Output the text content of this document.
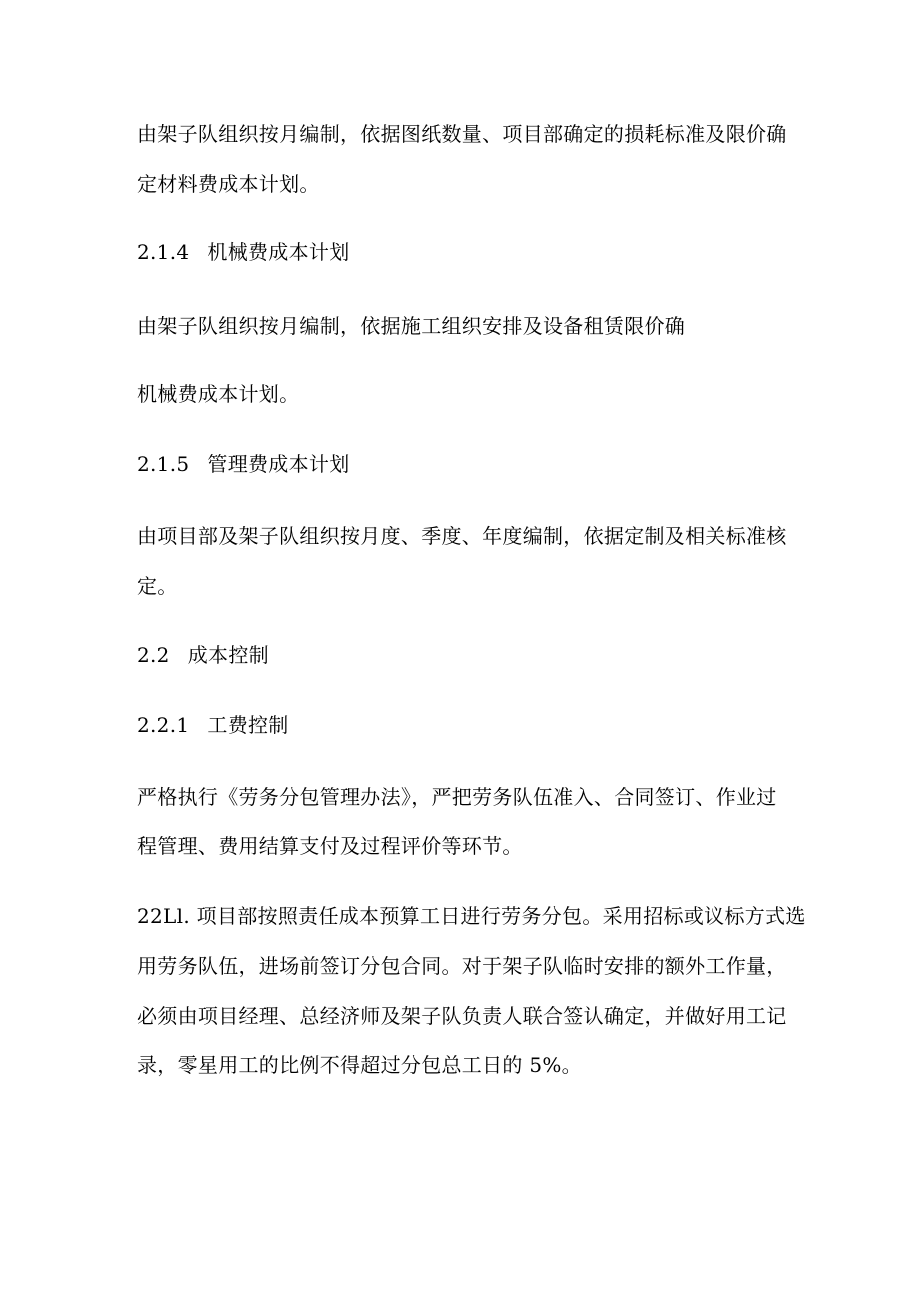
由架子队组织按月编制，依据图纸数量、项目部确定的损耗标准及限价确
定材料费成本计划。
2.1.4 机械费成本计划
由架子队组织按月编制，依据施工组织安排及设备租赁限价确
机械费成本计划。
2.1.5 管理费成本计划
由项目部及架子队组织按月度、季度、年度编制，依据定制及相关标准核
定。
2.2 成本控制
2.2.1 工费控制
严格执行《劳务分包管理办法》，严把劳务队伍准入、合同签订、作业过
程管理、费用结算支付及过程评价等环节。
22Ll. 项目部按照责任成本预算工日进行劳务分包。采用招标或议标方式选
用劳务队伍，进场前签订分包合同。对于架子队临时安排的额外工作量，
必须由项目经理、总经济师及架子队负责人联合签认确定，并做好用工记
录，零星用工的比例不得超过分包总工日的 5%。
